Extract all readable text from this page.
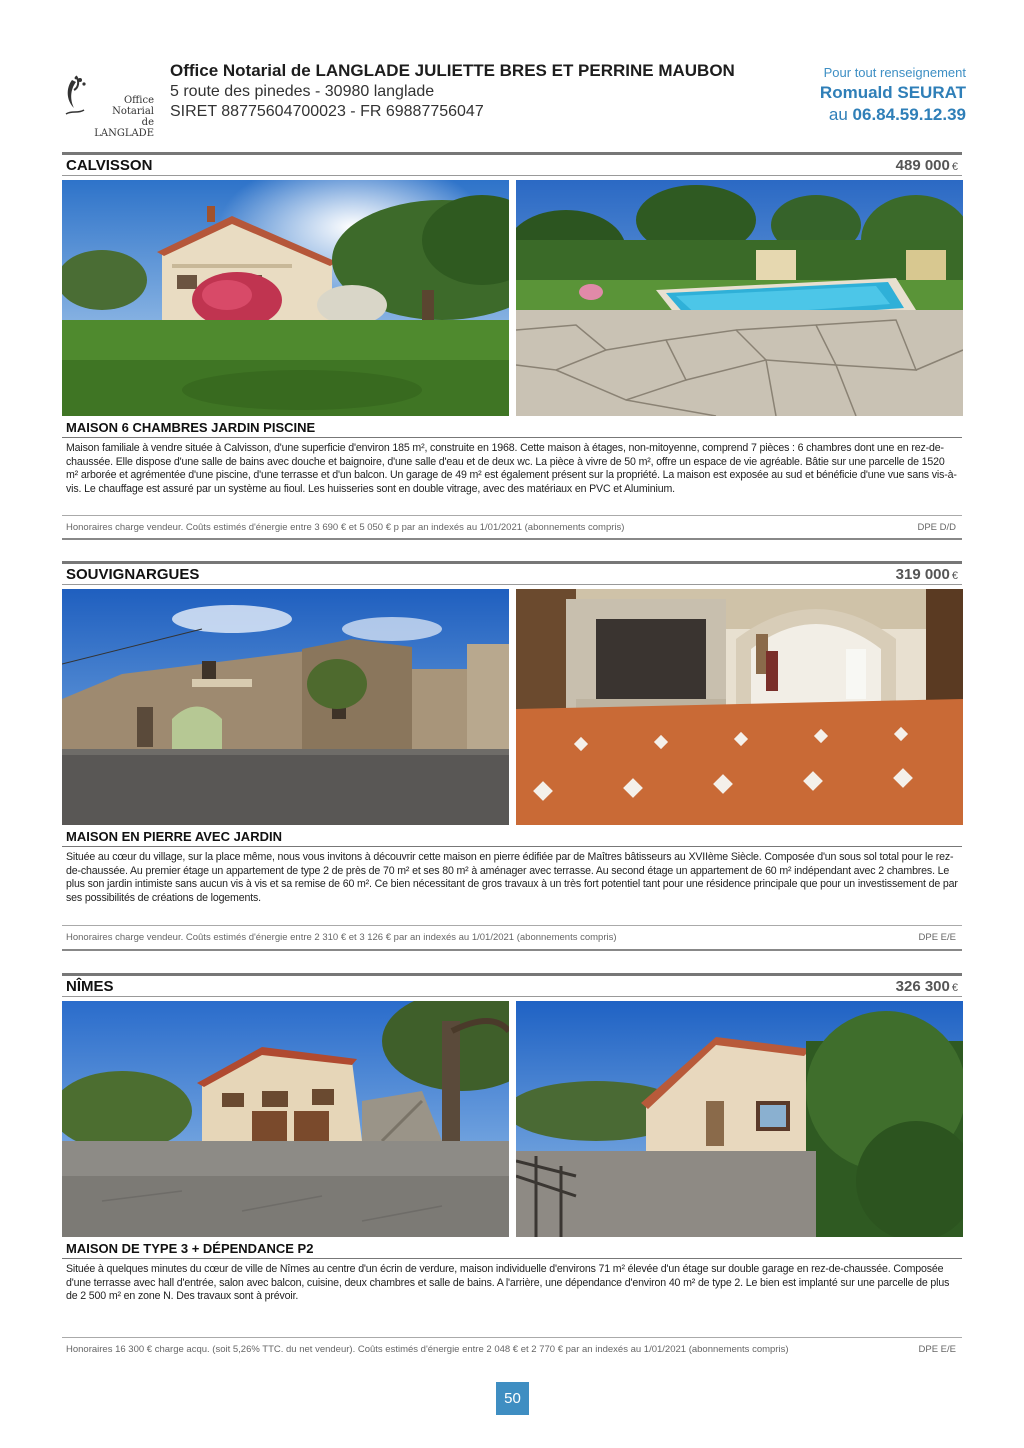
Office Notarial
de LANGLADE
Office Notarial de LANGLADE JULIETTE BRES ET PERRINE MAUBON
5 route des pinedes - 30980 langlade
SIRET 88775604700023 - FR 69887756047
Pour tout renseignement
Romuald SEURAT
au 06.84.59.12.39
CALVISSON	489 000 €
MAISON 6 CHAMBRES JARDIN PISCINE
Maison familiale à vendre située à Calvisson, d'une superficie d'environ 185 m², construite en 1968. Cette maison à étages, non-mitoyenne, comprend 7 pièces : 6 chambres dont une en rez-de-chaussée. Elle dispose d'une salle de bains avec douche et baignoire, d'une salle d'eau et de deux wc. La pièce à vivre de 50 m², offre un espace de vie agréable. Bâtie sur une parcelle de 1520 m² arborée et agrémentée d'une piscine, d'une terrasse et d'un balcon. Un garage de 49 m² est également présent sur la propriété. La maison est exposée au sud et bénéficie d'une vue sans vis-à-vis. Le chauffage est assuré par un système au fioul. Les huisseries sont en double vitrage, avec des matériaux en PVC et Aluminium.
Honoraires charge vendeur. Coûts estimés d'énergie entre 3 690 € et 5 050 € p par an indexés au 1/01/2021 (abonnements compris)	DPE D/D
SOUVIGNARGUES	319 000 €
MAISON EN PIERRE AVEC JARDIN
Située au cœur du village, sur la place même, nous vous invitons à découvrir cette maison en pierre édifiée par de Maîtres bâtisseurs au XVIIème Siècle. Composée d'un sous sol total pour le rez-de-chaussée. Au premier étage un appartement de type 2 de près de 70 m² et ses 80 m² à aménager avec terrasse. Au second étage un appartement de 60 m² indépendant avec 2 chambres. Le plus son jardin intimiste sans aucun vis à vis et sa remise de 60 m². Ce bien nécessitant de gros travaux à un très fort potentiel tant pour une résidence principale que pour un investissement de par ses possibilités de créations de logements.
Honoraires charge vendeur. Coûts estimés d'énergie entre 2 310 € et 3 126 € par an indexés au 1/01/2021 (abonnements compris)	DPE E/E
NÎMES	326 300 €
MAISON DE TYPE 3 + DÉPENDANCE P2
Située à quelques minutes du cœur de ville de Nîmes au centre d'un écrin de verdure, maison individuelle d'environs 71 m² élevée d'un étage sur double garage en rez-de-chaussée. Composée d'une terrasse avec hall d'entrée, salon avec balcon, cuisine, deux chambres et salle de bains. A l'arrière, une dépendance d'environ 40 m² de type 2. Le bien est implanté sur une parcelle de plus de 2 500 m² en zone N. Des travaux sont à prévoir.
Honoraires 16 300 € charge acqu. (soit 5,26% TTC. du net vendeur). Coûts estimés d'énergie entre 2 048 € et 2 770 € par an indexés au 1/01/2021 (abonnements compris)	DPE E/E
50
